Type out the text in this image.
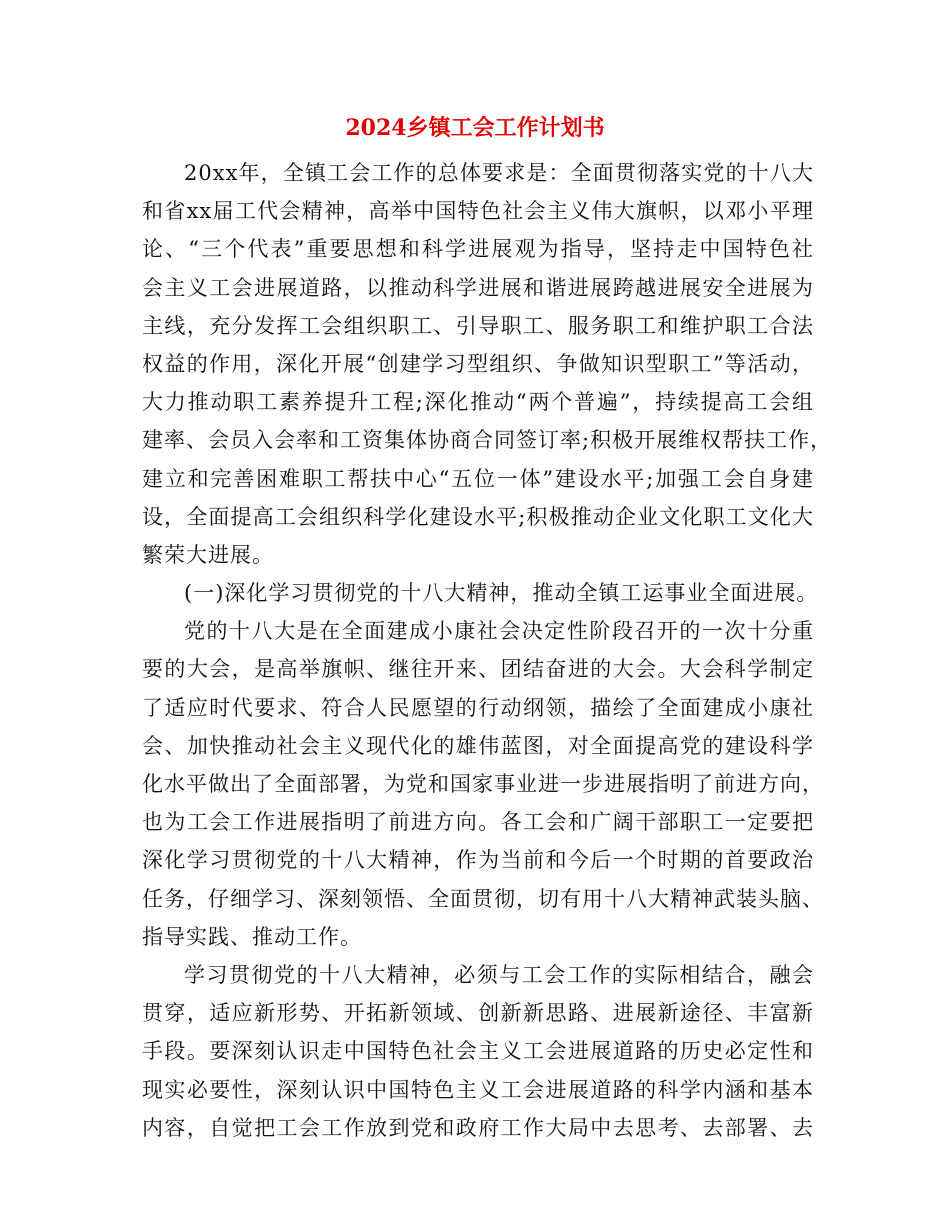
2024乡镇工会工作计划书
20xx年，全镇工会工作的总体要求是：全面贯彻落实党的十八大
和省xx届工代会精神，高举中国特色社会主义伟大旗帜，以邓小平理
论、“三个代表”重要思想和科学进展观为指导，坚持走中国特色社
会主义工会进展道路，以推动科学进展和谐进展跨越进展安全进展为
主线，充分发挥工会组织职工、引导职工、服务职工和维护职工合法
权益的作用，深化开展“创建学习型组织、争做知识型职工”等活动，
大力推动职工素养提升工程;深化推动“两个普遍”，持续提高工会组
建率、会员入会率和工资集体协商合同签订率;积极开展维权帮扶工作，
建立和完善困难职工帮扶中心“五位一体”建设水平;加强工会自身建
设，全面提高工会组织科学化建设水平;积极推动企业文化职工文化大
繁荣大进展。
(一)深化学习贯彻党的十八大精神，推动全镇工运事业全面进展。
党的十八大是在全面建成小康社会决定性阶段召开的一次十分重
要的大会，是高举旗帜、继往开来、团结奋进的大会。大会科学制定
了适应时代要求、符合人民愿望的行动纲领，描绘了全面建成小康社
会、加快推动社会主义现代化的雄伟蓝图，对全面提高党的建设科学
化水平做出了全面部署，为党和国家事业进一步进展指明了前进方向，
也为工会工作进展指明了前进方向。各工会和广阔干部职工一定要把
深化学习贯彻党的十八大精神，作为当前和今后一个时期的首要政治
任务，仔细学习、深刻领悟、全面贯彻，切有用十八大精神武装头脑、
指导实践、推动工作。
学习贯彻党的十八大精神，必须与工会工作的实际相结合，融会
贯穿，适应新形势、开拓新领域、创新新思路、进展新途径、丰富新
手段。要深刻认识走中国特色社会主义工会进展道路的历史必定性和
现实必要性，深刻认识中国特色主义工会进展道路的科学内涵和基本
内容，自觉把工会工作放到党和政府工作大局中去思考、去部署、去
